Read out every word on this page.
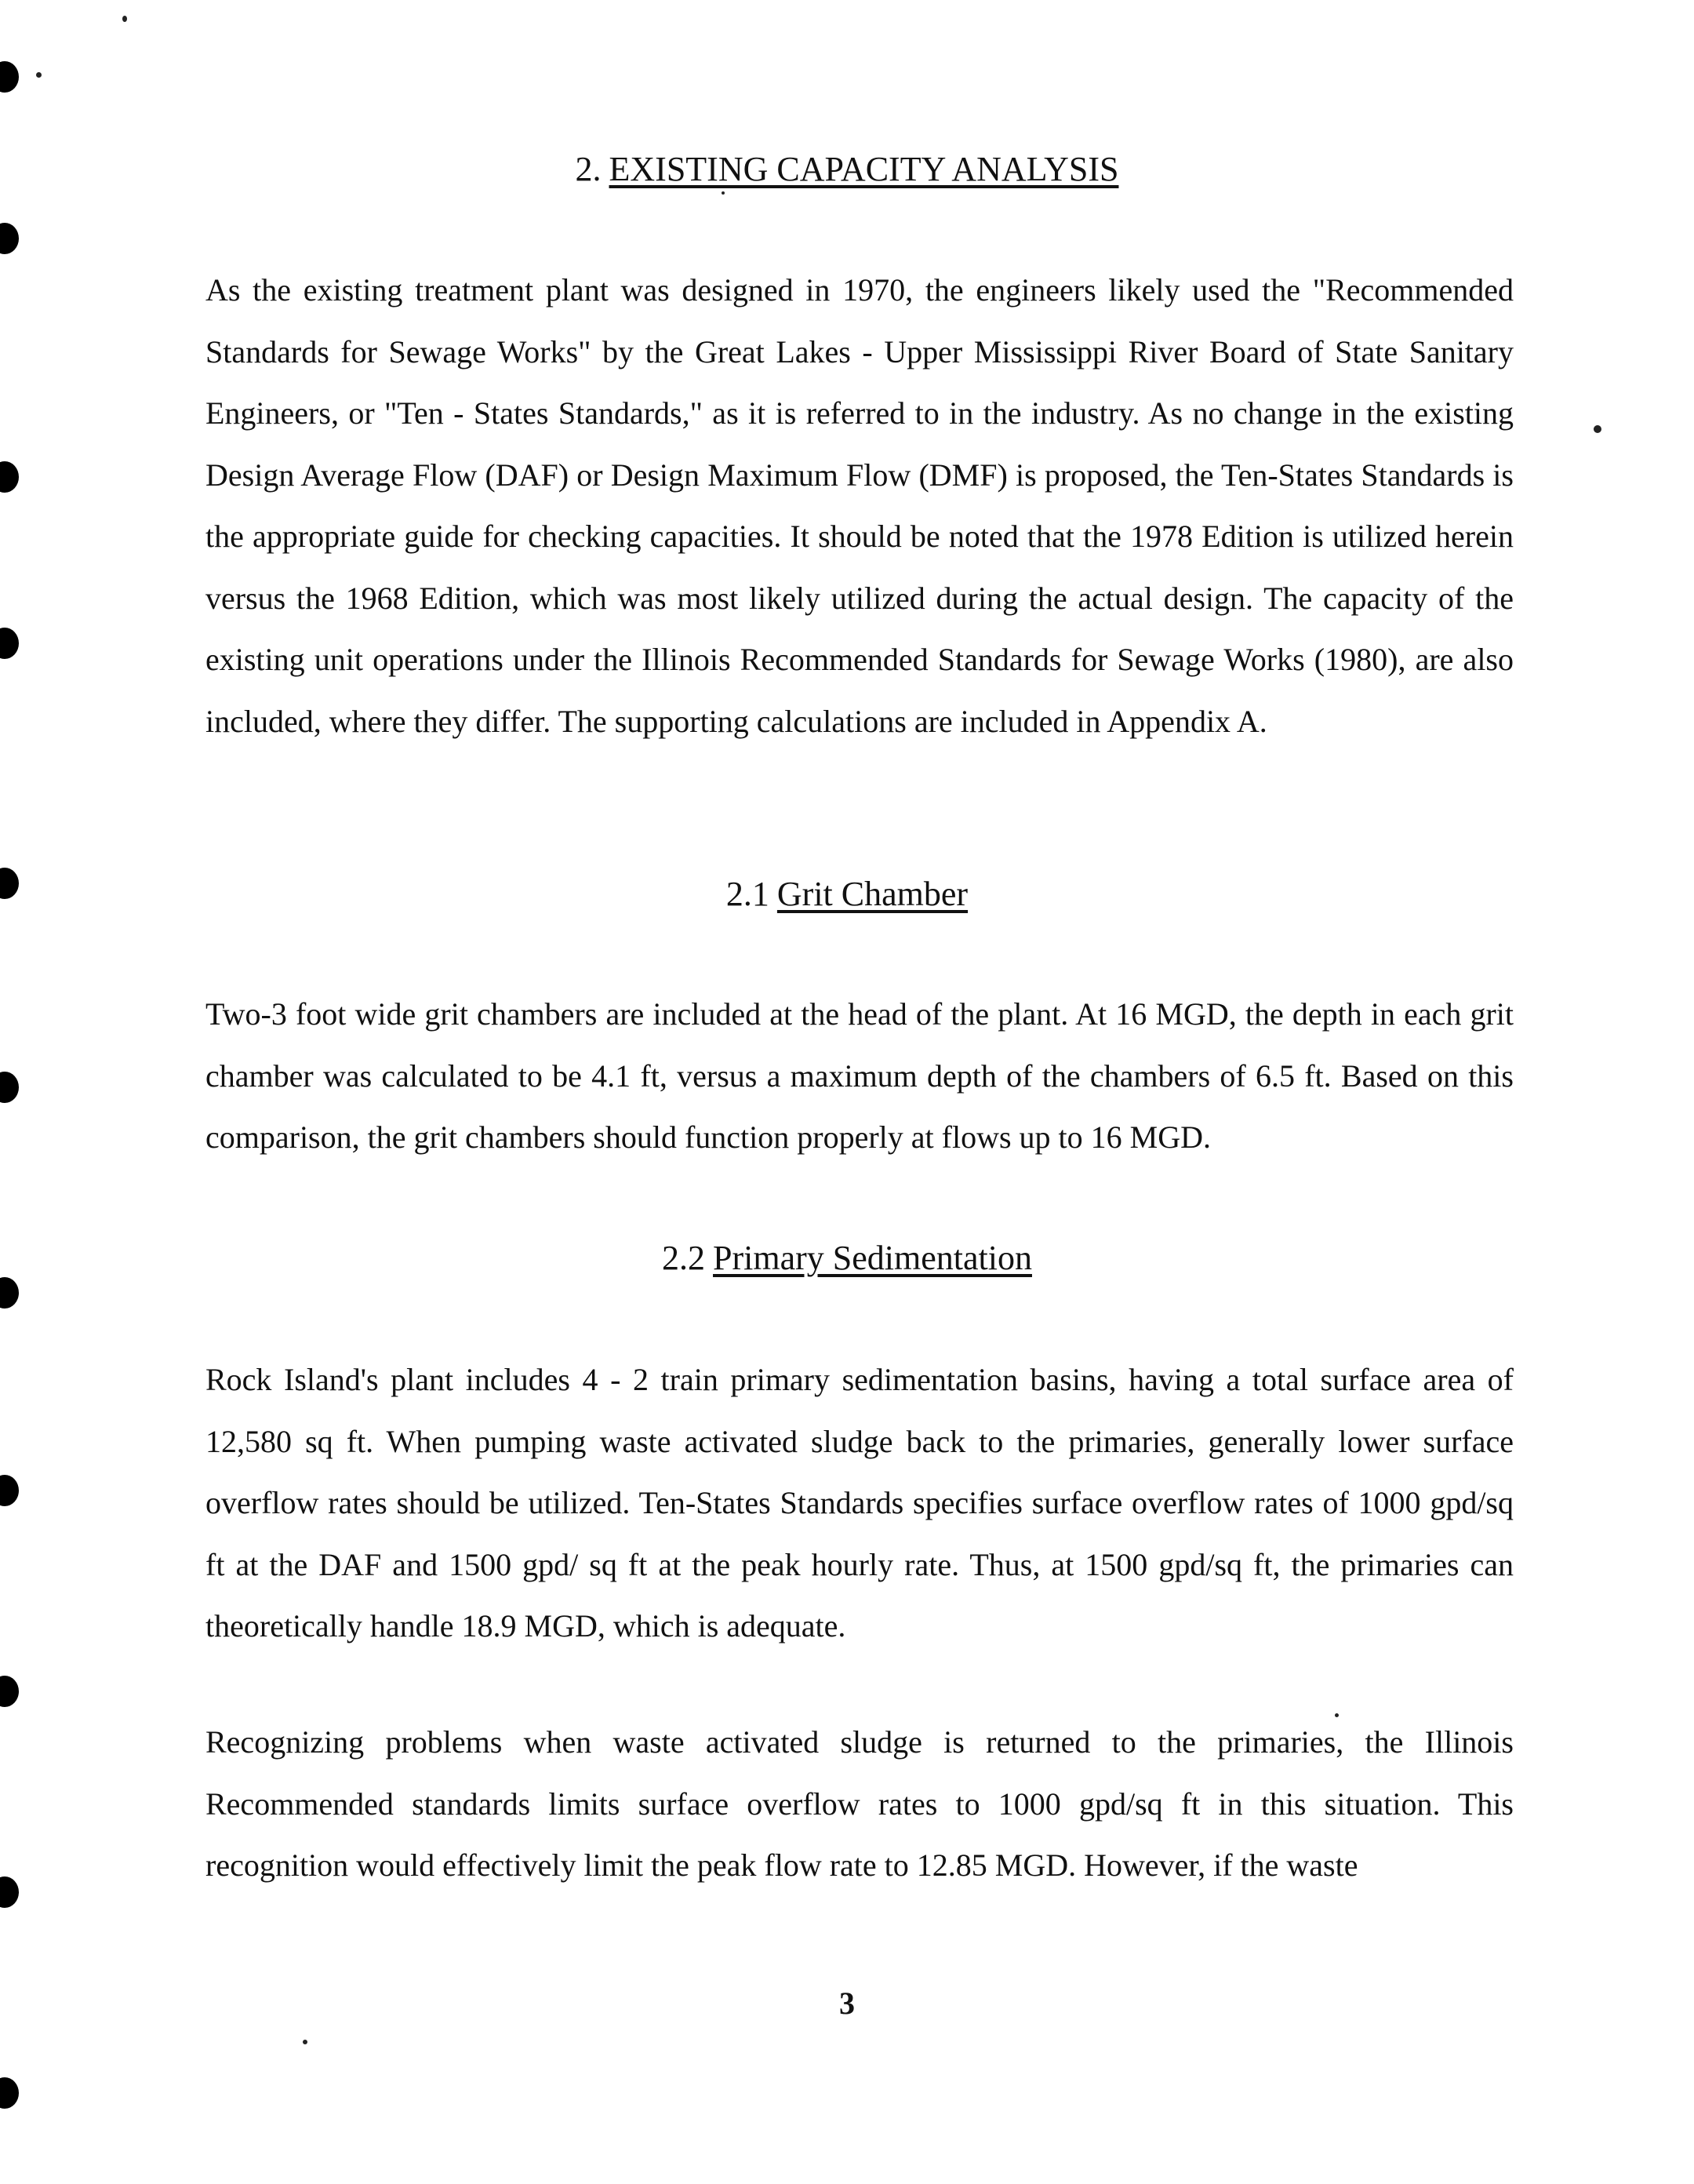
2. EXISTING CAPACITY ANALYSIS

As the existing treatment plant was designed in 1970, the engineers likely used the "Recommended Standards for Sewage Works" by the Great Lakes - Upper Mississippi River Board of State Sanitary Engineers, or "Ten - States Standards," as it is referred to in the industry. As no change in the existing Design Average Flow (DAF) or Design Maximum Flow (DMF) is proposed, the Ten-States Standards is the appropriate guide for checking capacities. It should be noted that the 1978 Edition is utilized herein versus the 1968 Edition, which was most likely utilized during the actual design. The capacity of the existing unit operations under the Illinois Recommended Standards for Sewage Works (1980), are also included, where they differ. The supporting calculations are included in Appendix A.

2.1 Grit Chamber

Two-3 foot wide grit chambers are included at the head of the plant. At 16 MGD, the depth in each grit chamber was calculated to be 4.1 ft, versus a maximum depth of the chambers of 6.5 ft. Based on this comparison, the grit chambers should function properly at flows up to 16 MGD.

2.2 Primary Sedimentation

Rock Island's plant includes 4 - 2 train primary sedimentation basins, having a total surface area of 12,580 sq ft. When pumping waste activated sludge back to the primaries, generally lower surface overflow rates should be utilized. Ten-States Standards specifies surface overflow rates of 1000 gpd/sq ft at the DAF and 1500 gpd/ sq ft at the peak hourly rate. Thus, at 1500 gpd/sq ft, the primaries can theoretically handle 18.9 MGD, which is adequate.

Recognizing problems when waste activated sludge is returned to the primaries, the Illinois Recommended standards limits surface overflow rates to 1000 gpd/sq ft in this situation. This recognition would effectively limit the peak flow rate to 12.85 MGD. However, if the waste

3
